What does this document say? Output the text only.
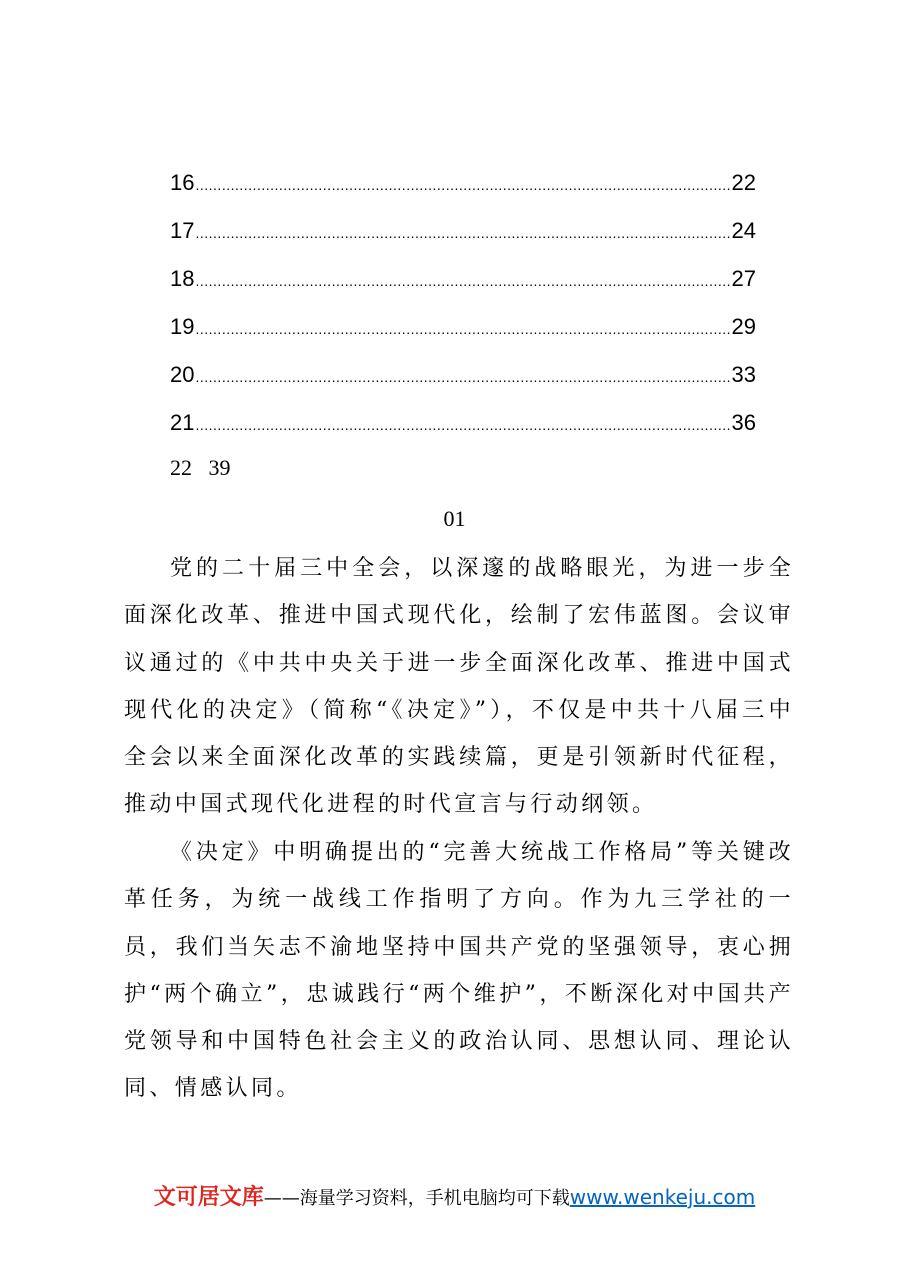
16 .....	22
17 .....	24
18 .....	27
19 .....	29
20 .....	33
21 .....	36
22   39
01

党的二十届三中全会，以深邃的战略眼光，为进一步全面深化改革、推进中国式现代化，绘制了宏伟蓝图。会议审议通过的《中共中央关于进一步全面深化改革、推进中国式现代化的决定》（简称“《决定》”），不仅是中共十八届三中全会以来全面深化改革的实践续篇，更是引领新时代征程，推动中国式现代化进程的时代宣言与行动纲领。

《决定》中明确提出的“完善大统战工作格局”等关键改革任务，为统一战线工作指明了方向。作为九三学社的一员，我们当矢志不渝地坚持中国共产党的坚强领导，衷心拥护“两个确立”，忠诚践行“两个维护”，不断深化对中国共产党领导和中国特色社会主义的政治认同、思想认同、理论认同、情感认同。

文可居文库——海量学习资料，手机电脑均可下载www.wenkeju.com
